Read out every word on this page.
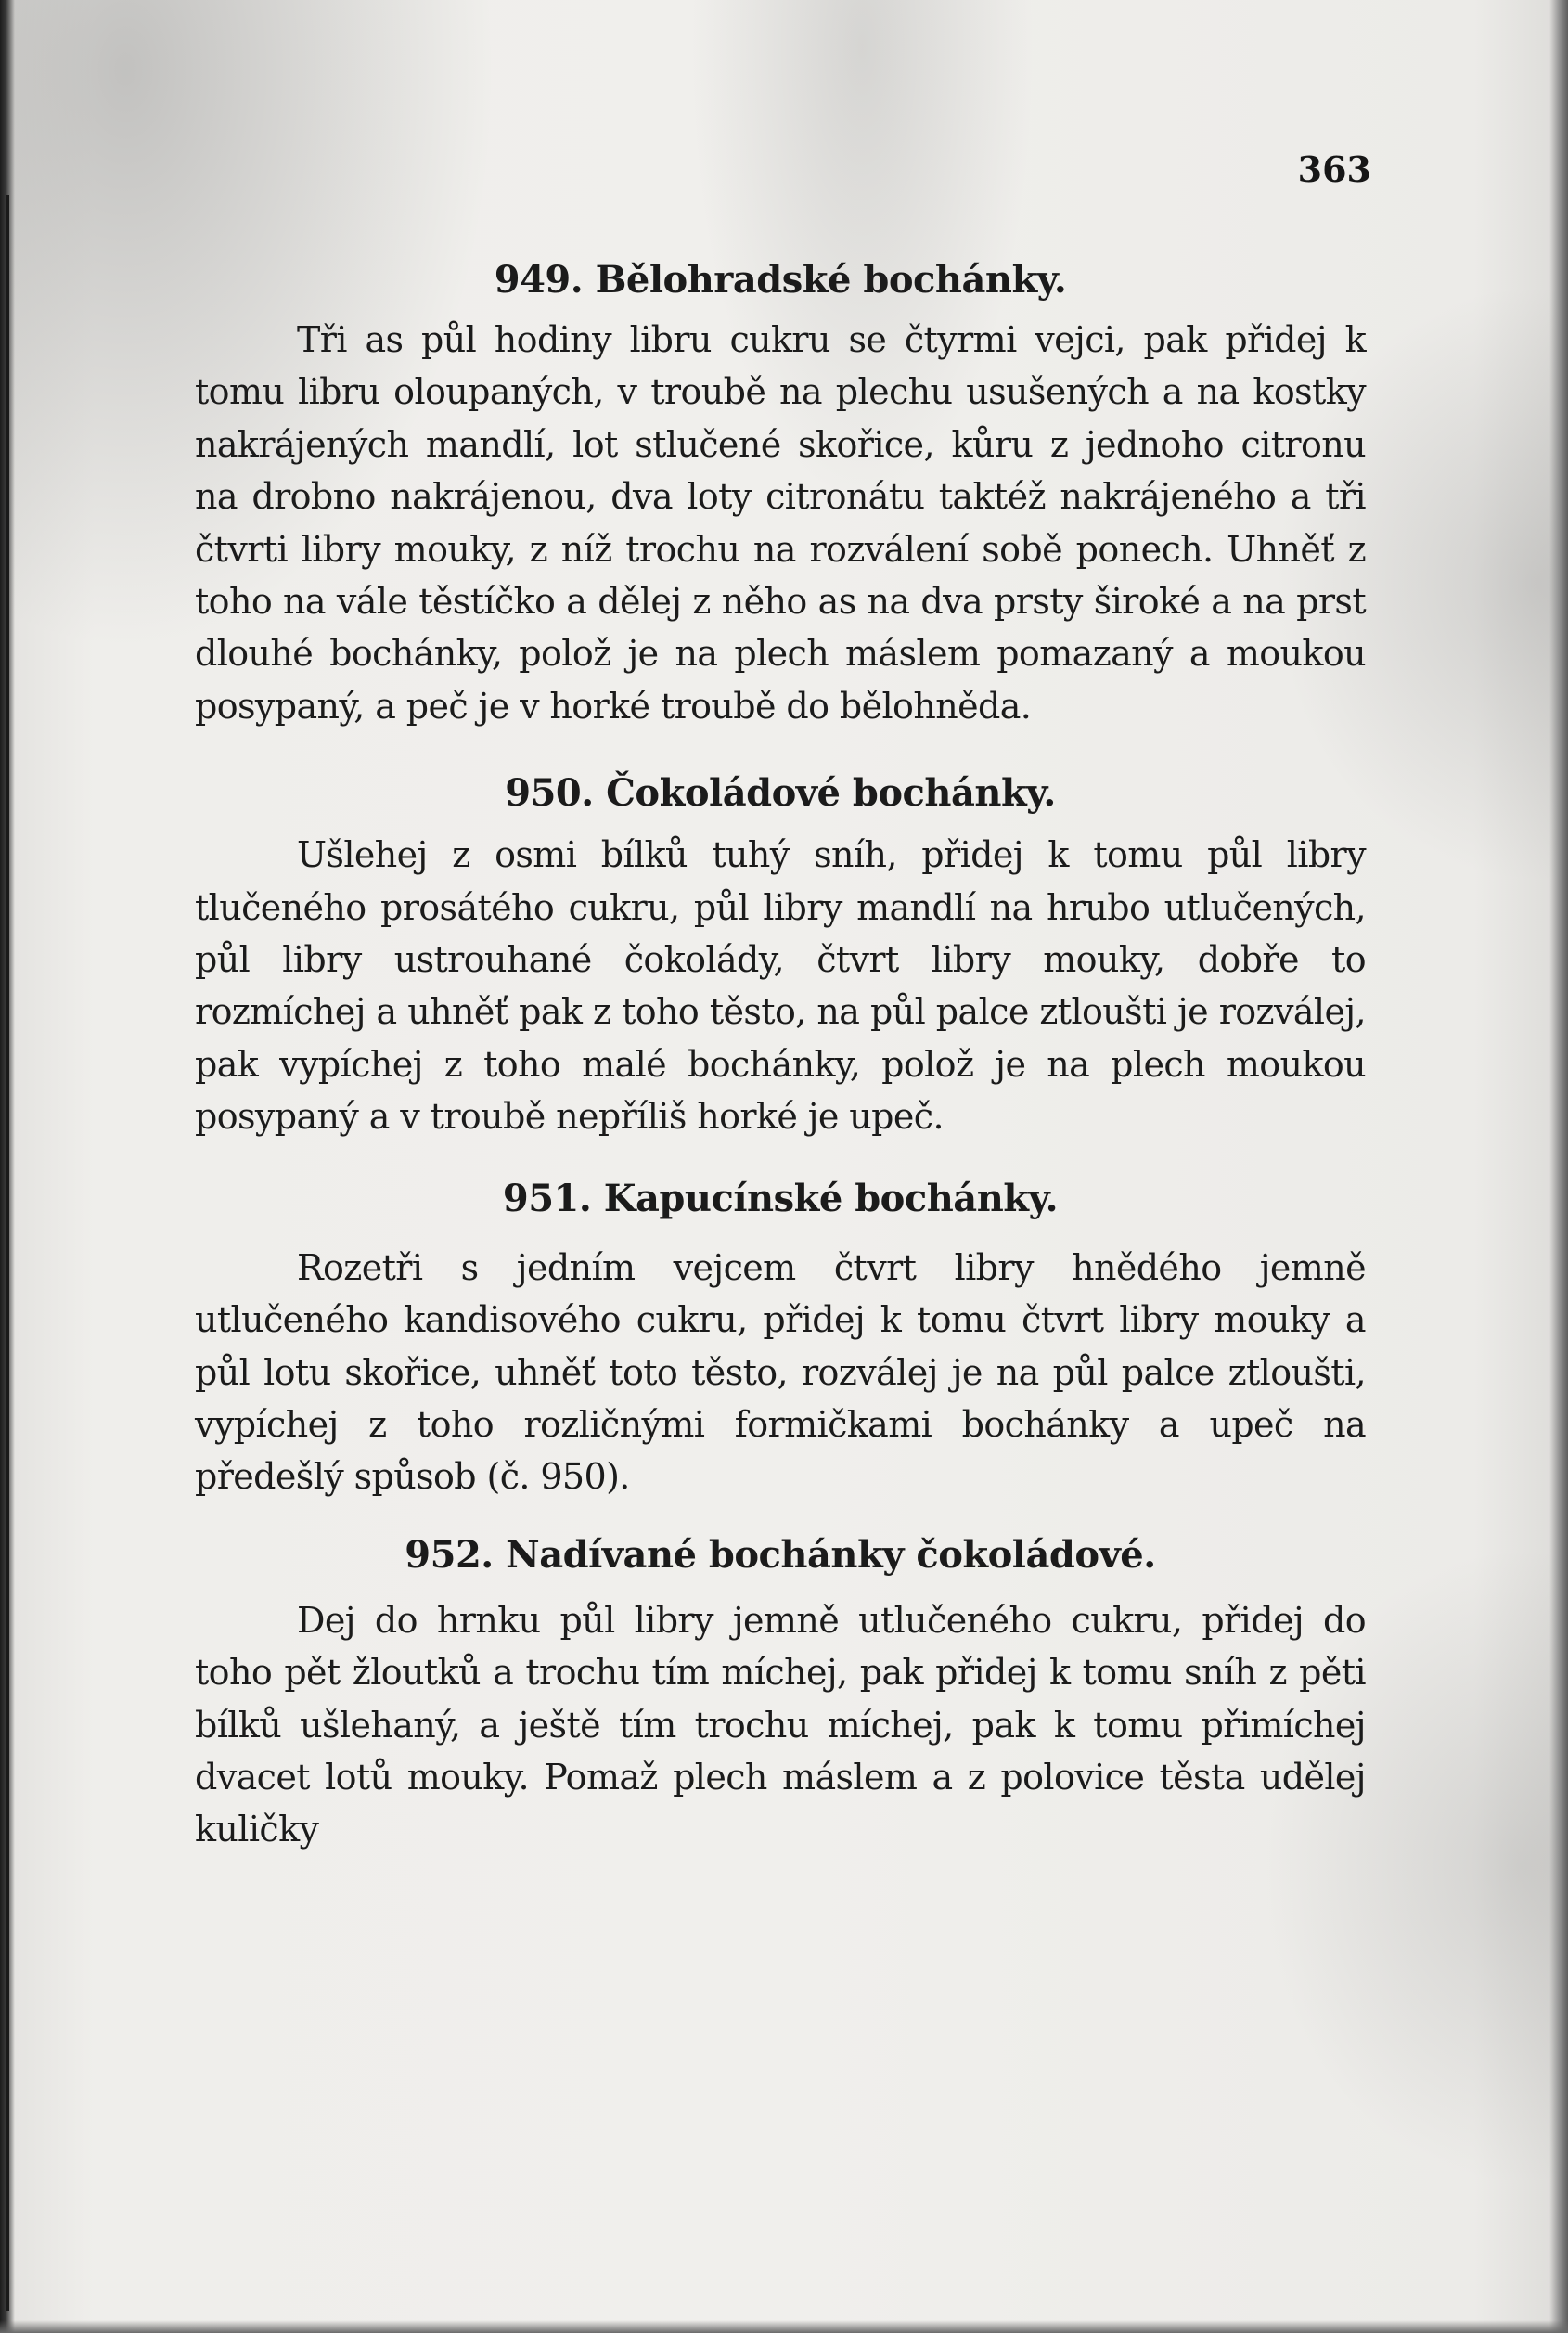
363
949. Bělohradské bochánky.

Tři as půl hodiny libru cukru se čtyrmi vejci, pak přidej k tomu libru oloupaných, v troubě na plechu usušených a na kostky nakrájených mandlí, lot stlučené skořice, kůru z jednoho citronu na drobno nakrájenou, dva loty citronátu taktéž nakrájeného a tři čtvrti libry mouky, z níž trochu na rozválení sobě ponech. Uhněť z toho na vále těstíčko a dělej z něho as na dva prsty široké a na prst dlouhé bochánky, polož je na plech máslem pomazaný a moukou posypaný, a peč je v horké troubě do bělohněda.

950. Čokoládové bochánky.

Ušlehej z osmi bílků tuhý sníh, přidej k tomu půl libry tlučeného prosátého cukru, půl libry mandlí na hrubo utlučených, půl libry ustrouhané čokolády, čtvrt libry mouky, dobře to rozmíchej a uhněť pak z toho těsto, na půl palce ztloušti je rozválej, pak vypíchej z toho malé bochánky, polož je na plech moukou posypaný a v troubě nepříliš horké je upeč.

951. Kapucínské bochánky.

Rozetři s jedním vejcem čtvrt libry hnědého jemně utlučeného kandisového cukru, přidej k tomu čtvrt libry mouky a půl lotu skořice, uhněť toto těsto, rozválej je na půl palce ztloušti, vypíchej z toho rozličnými formičkami bochánky a upeč na předešlý spůsob (č. 950).

952. Nadívané bochánky čokoládové.

Dej do hrnku půl libry jemně utlučeného cukru, přidej do toho pět žloutků a trochu tím míchej, pak přidej k tomu sníh z pěti bílků ušlehaný, a ještě tím trochu míchej, pak k tomu přimíchej dvacet lotů mouky. Pomaž plech máslem a z polovice těsta udělej kuličky
